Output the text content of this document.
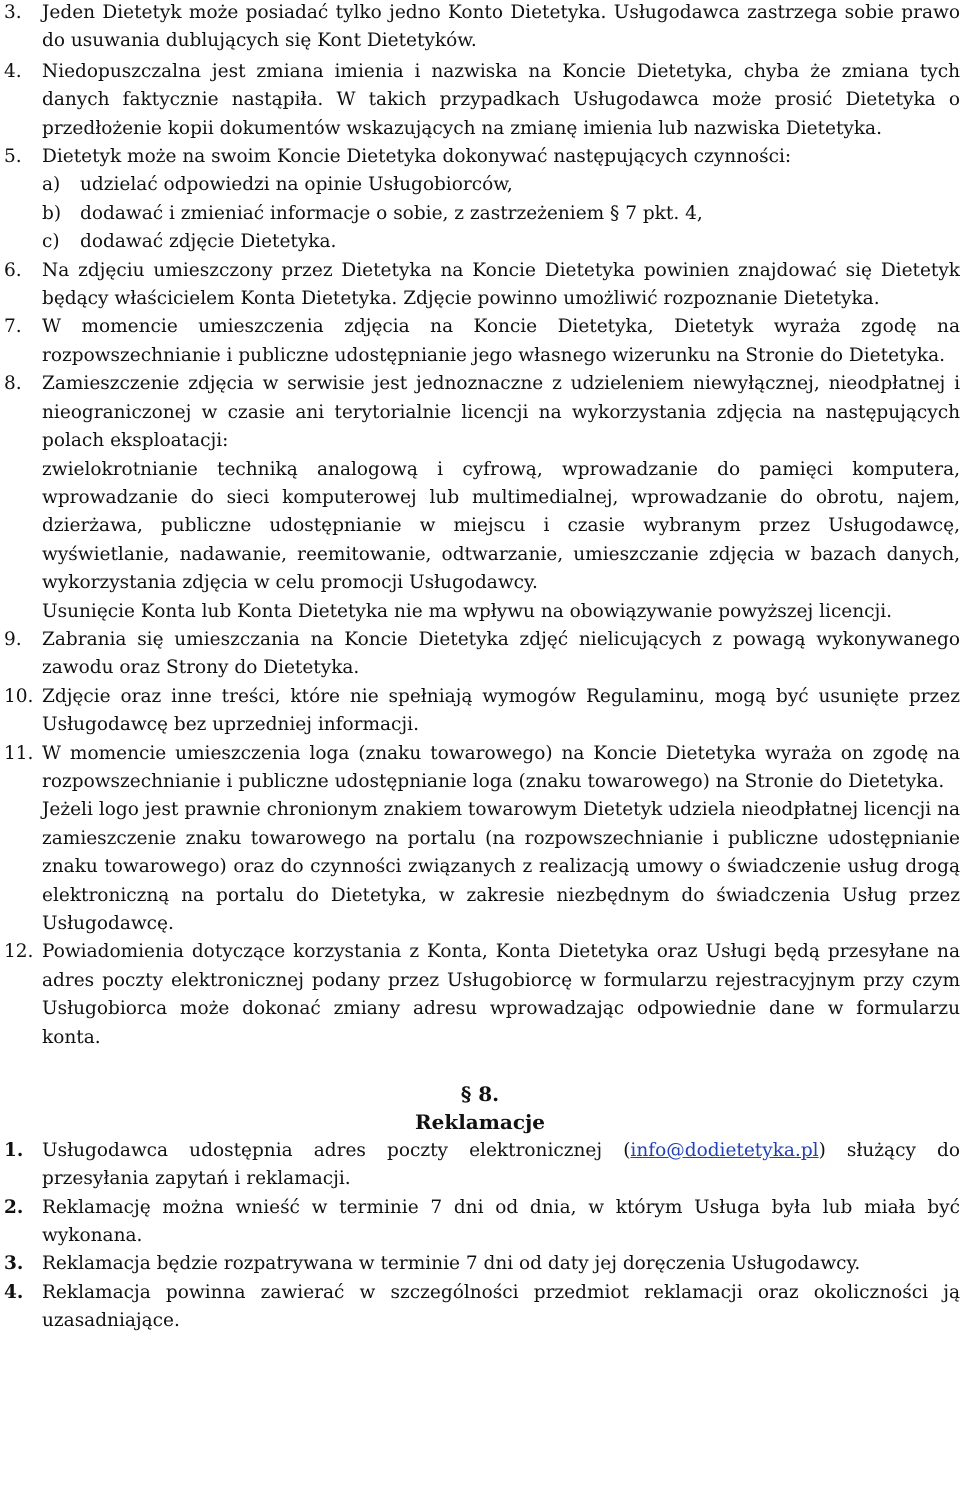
3. Jeden Dietetyk może posiadać tylko jedno Konto Dietetyka. Usługodawca zastrzega sobie prawo do usuwania dublujących się Kont Dietetyków.
4. Niedopuszczalna jest zmiana imienia i nazwiska na Koncie Dietetyka, chyba że zmiana tych danych faktycznie nastąpiła. W takich przypadkach Usługodawca może prosić Dietetyka o przedłożenie kopii dokumentów wskazujących na zmianę imienia lub nazwiska Dietetyka.
5. Dietetyk może na swoim Koncie Dietetyka dokonywać następujących czynności:
a) udzielać odpowiedzi na opinie Usługobiorców,
b) dodawać i zmieniać informacje o sobie, z zastrzeżeniem § 7 pkt. 4,
c) dodawać zdjęcie Dietetyka.
6. Na zdjęciu umieszczony przez Dietetyka na Koncie Dietetyka powinien znajdować się Dietetyk będący właścicielem Konta Dietetyka. Zdjęcie powinno umożliwić rozpoznanie Dietetyka.
7. W momencie umieszczenia zdjęcia na Koncie Dietetyka, Dietetyk wyraża zgodę na rozpowszechnianie i publiczne udostępnianie jego własnego wizerunku na Stronie do Dietetyka.
8. Zamieszczenie zdjęcia w serwisie jest jednoznaczne z udzieleniem niewyłącznej, nieodpłatnej i nieograniczonej w czasie ani terytorialnie licencji na wykorzystania zdjęcia na następujących polach eksploatacji:
zwielokrotnianie techniką analogową i cyfrową, wprowadzanie do pamięci komputera, wprowadzanie do sieci komputerowej lub multimedialnej, wprowadzanie do obrotu, najem, dzierżawa, publiczne udostępnianie w miejscu i czasie wybranym przez Usługodawcę, wyświetlanie, nadawanie, reemitowanie, odtwarzanie, umieszczanie zdjęcia w bazach danych, wykorzystania zdjęcia w celu promocji Usługodawcy.
Usunięcie Konta lub Konta Dietetyka nie ma wpływu na obowiązywanie powyższej licencji.
9. Zabrania się umieszczania na Koncie Dietetyka zdjęć nielicujących z powagą wykonywanego zawodu oraz Strony do Dietetyka.
10. Zdjęcie oraz inne treści, które nie spełniają wymogów Regulaminu, mogą być usunięte przez Usługodawcę bez uprzedniej informacji.
11. W momencie umieszczenia loga (znaku towarowego) na Koncie Dietetyka wyraża on zgodę na rozpowszechnianie i publiczne udostępnianie loga (znaku towarowego) na Stronie do Dietetyka.
Jeżeli logo jest prawnie chronionym znakiem towarowym Dietetyk udziela nieodpłatnej licencji na zamieszczenie znaku towarowego na portalu (na rozpowszechnianie i publiczne udostępnianie znaku towarowego) oraz do czynności związanych z realizacją umowy o świadczenie usług drogą elektroniczną na portalu do Dietetyka, w zakresie niezbędnym do świadczenia Usług przez Usługodawcę.
12. Powiadomienia dotyczące korzystania z Konta, Konta Dietetyka oraz Usługi będą przesyłane na adres poczty elektronicznej podany przez Usługobiorcę w formularzu rejestracyjnym przy czym Usługobiorca może dokonać zmiany adresu wprowadzając odpowiednie dane w formularzu konta.
§ 8.
Reklamacje
1. Usługodawca udostępnia adres poczty elektronicznej (info@dodietetyka.pl) służący do przesyłania zapytań i reklamacji.
2. Reklamację można wnieść w terminie 7 dni od dnia, w którym Usługa była lub miała być wykonana.
3. Reklamacja będzie rozpatrywana w terminie 7 dni od daty jej doręczenia Usługodawcy.
4. Reklamacja powinna zawierać w szczególności przedmiot reklamacji oraz okoliczności ją uzasadniające.
